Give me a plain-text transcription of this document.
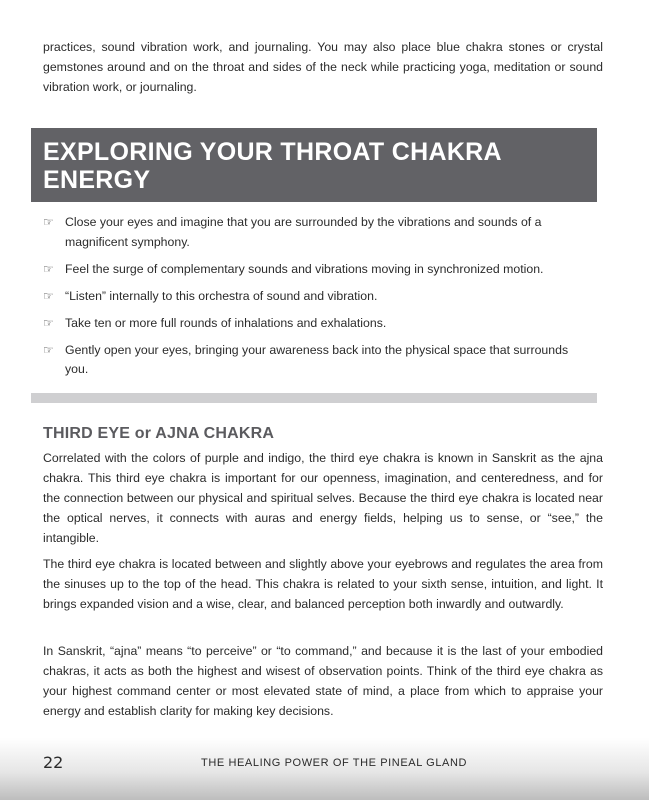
practices, sound vibration work, and journaling. You may also place blue chakra stones or crystal gemstones around and on the throat and sides of the neck while practicing yoga, meditation or sound vibration work, or journaling.

EXPLORING YOUR THROAT CHAKRA ENERGY
☞ Close your eyes and imagine that you are surrounded by the vibrations and sounds of a magnificent symphony.
☞ Feel the surge of complementary sounds and vibrations moving in synchronized motion.
☞ “Listen” internally to this orchestra of sound and vibration.
☞ Take ten or more full rounds of inhalations and exhalations.
☞ Gently open your eyes, bringing your awareness back into the physical space that surrounds you.
THIRD EYE or AJNA CHAKRA

Correlated with the colors of purple and indigo, the third eye chakra is known in Sanskrit as the ajna chakra. This third eye chakra is important for our openness, imagination, and centeredness, and for the connection between our physical and spiritual selves. Because the third eye chakra is located near the optical nerves, it connects with auras and energy fields, helping us to sense, or “see,” the intangible.

The third eye chakra is located between and slightly above your eyebrows and regulates the area from the sinuses up to the top of the head. This chakra is related to your sixth sense, intuition, and light. It brings expanded vision and a wise, clear, and balanced perception both inwardly and outwardly.

In Sanskrit, “ajna” means “to perceive” or “to command,” and because it is the last of your embodied chakras, it acts as both the highest and wisest of observation points. Think of the third eye chakra as your highest command center or most elevated state of mind, a place from which to appraise your energy and establish clarity for making key decisions.

22	THE HEALING POWER OF THE PINEAL GLAND
